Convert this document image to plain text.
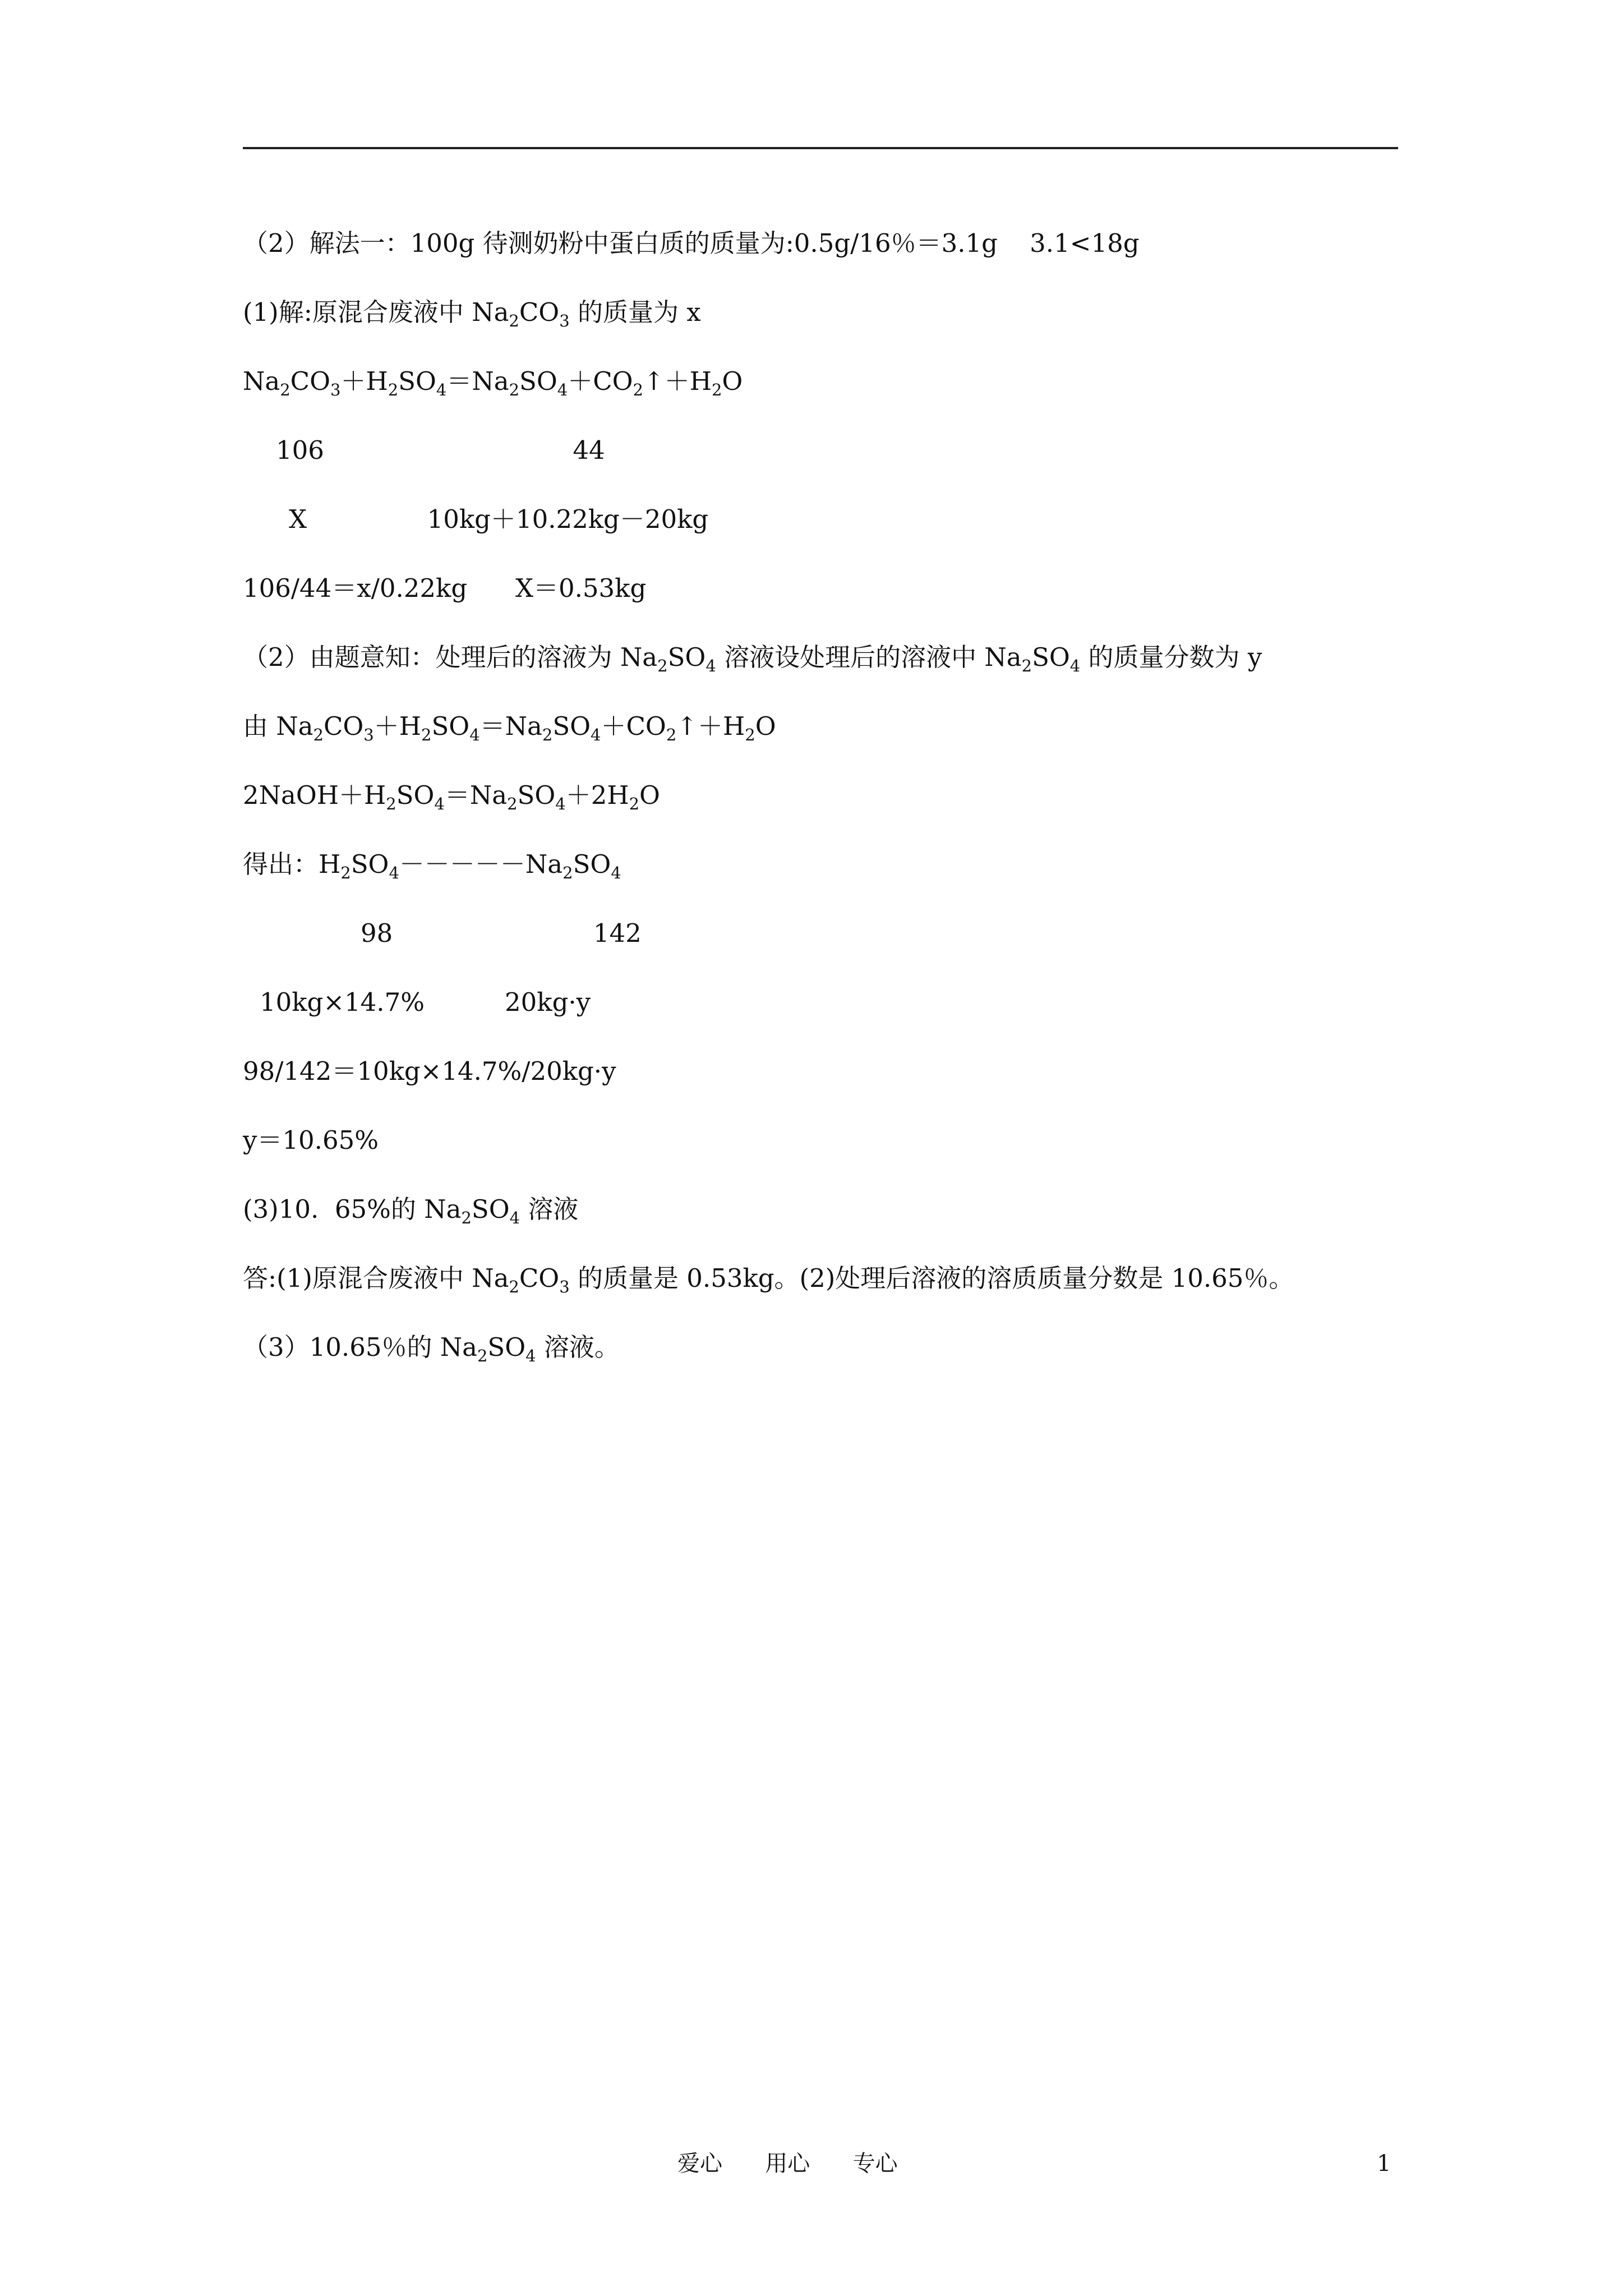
（2）解法一：100g 待测奶粉中蛋白质的质量为:0.5g/16％＝3.1g    3.1<18g
(1)解:原混合废液中 $Na_2CO_3$ 的质量为 x
$Na_2CO_3+H_2SO_4=Na_2SO_4+CO_2↑+H_2O$
106                               44
X               10kg＋10.22kg－20kg
106/44＝x/0.22kg      X＝0.53kg
（2）由题意知：处理后的溶液为 $Na_2SO_4$ 溶液设处理后的溶液中 $Na_2SO_4$ 的质量分数为 y
由 $Na_2CO_3+H_2SO_4=Na_2SO_4+CO_2↑+H_2O$
$2NaOH+H_2SO_4=Na_2SO_4+2H_2O$
得出：$H_2SO_4-----Na_2SO_4$
98                         142
10kg×14.7%          20kg·y
98/142＝10kg×14.7%/20kg·y
y＝10.65%
(3)10.  65%的 $Na_2SO_4$ 溶液
答:(1)原混合废液中 $Na_2CO_3$ 的质量是 0.53kg。(2)处理后溶液的溶质质量分数是 10.65％。
（3）10.65％的 $Na_2SO_4$ 溶液。
爱心      用心      专心	1
